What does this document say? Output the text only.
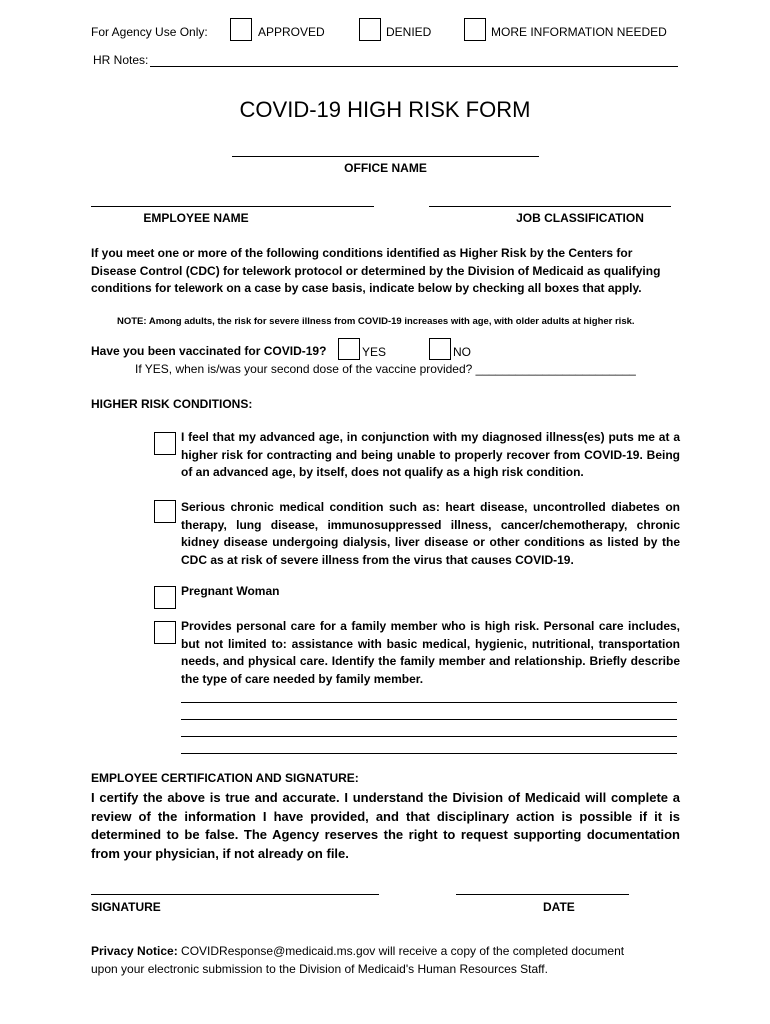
For Agency Use Only:	APPROVED	DENIED	MORE INFORMATION NEEDED
HR Notes:
COVID-19 HIGH RISK FORM
OFFICE NAME
EMPLOYEE NAME	JOB CLASSIFICATION
If you meet one or more of the following conditions identified as Higher Risk by the Centers for Disease Control (CDC) for telework protocol or determined by the Division of Medicaid as qualifying conditions for telework on a case by case basis, indicate below by checking all boxes that apply.
NOTE: Among adults, the risk for severe illness from COVID-19 increases with age, with older adults at higher risk.
Have you been vaccinated for COVID-19?	YES	NO
If YES, when is/was your second dose of the vaccine provided? ________________________
HIGHER RISK CONDITIONS:
I feel that my advanced age, in conjunction with my diagnosed illness(es) puts me at a higher risk for contracting and being unable to properly recover from COVID-19. Being of an advanced age, by itself, does not qualify as a high risk condition.
Serious chronic medical condition such as: heart disease, uncontrolled diabetes on therapy, lung disease, immunosuppressed illness, cancer/chemotherapy, chronic kidney disease undergoing dialysis, liver disease or other conditions as listed by the CDC as at risk of severe illness from the virus that causes COVID-19.
Pregnant Woman
Provides personal care for a family member who is high risk. Personal care includes, but not limited to: assistance with basic medical, hygienic, nutritional, transportation needs, and physical care. Identify the family member and relationship. Briefly describe the type of care needed by family member.
EMPLOYEE CERTIFICATION AND SIGNATURE:
I certify the above is true and accurate. I understand the Division of Medicaid will complete a review of the information I have provided, and that disciplinary action is possible if it is determined to be false. The Agency reserves the right to request supporting documentation from your physician, if not already on file.
SIGNATURE	DATE
Privacy Notice: COVIDResponse@medicaid.ms.gov will receive a copy of the completed document
upon your electronic submission to the Division of Medicaid's Human Resources Staff.
